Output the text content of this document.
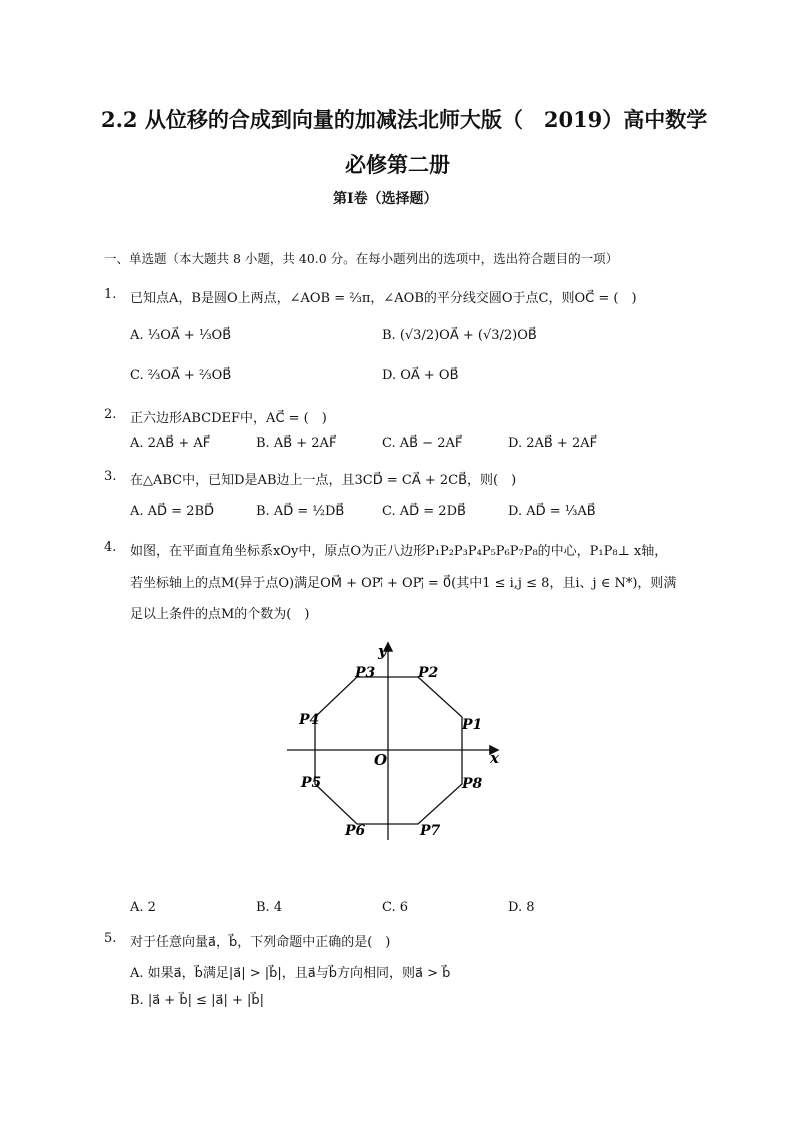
2.2 从位移的合成到向量的加减法北师大版（　2019）高中数学
必修第二册
第Ⅰ卷（选择题）
一、单选题（本大题共 8 小题，共 40.0 分。在每小题列出的选项中，选出符合题目的一项）
1. 已知点A，B是圆O上两点，∠AOB = ⅔π，∠AOB的平分线交圆O于点C，则OC⃗ = (　)
A. ⅓OA⃗ + ⅓OB⃗	B. (√3/2)OA⃗ + (√3/2)OB⃗
C. ⅔OA⃗ + ⅔OB⃗	D. OA⃗ + OB⃗
2. 正六边形ABCDEF中，AC⃗ = (　)
A. 2AB⃗ + AF⃗	B. AB⃗ + 2AF⃗	C. AB⃗ − 2AF⃗	D. 2AB⃗ + 2AF⃗
3. 在△ABC中，已知D是AB边上一点，且3CD⃗ = CA⃗ + 2CB⃗，则(　)
A. AD⃗ = 2BD⃗	B. AD⃗ = ½DB⃗	C. AD⃗ = 2DB⃗	D. AD⃗ = ⅓AB⃗
4. 如图，在平面直角坐标系xOy中，原点O为正八边形P₁P₂P₃P₄P₅P₆P₇P₈的中心，P₁P₈⊥ x轴，
若坐标轴上的点M(异于点O)满足OM⃗ + OPᵢ⃗ + OPⱼ⃗ = 0⃗(其中1 ≤ i,j ≤ 8，且i、j ∈ N*)，则满
足以上条件的点M的个数为(　)
x
y
O
P1
P2
P3
P4
P5
P6	P7
P8
A. 2	B. 4	C. 6	D. 8
5. 对于任意向量a⃗，b⃗，下列命题中正确的是(　)
A. 如果a⃗，b⃗满足|a⃗| > |b⃗|，且a⃗与b⃗方向相同，则a⃗ > b⃗
B. |a⃗ + b⃗| ≤ |a⃗| + |b⃗|
